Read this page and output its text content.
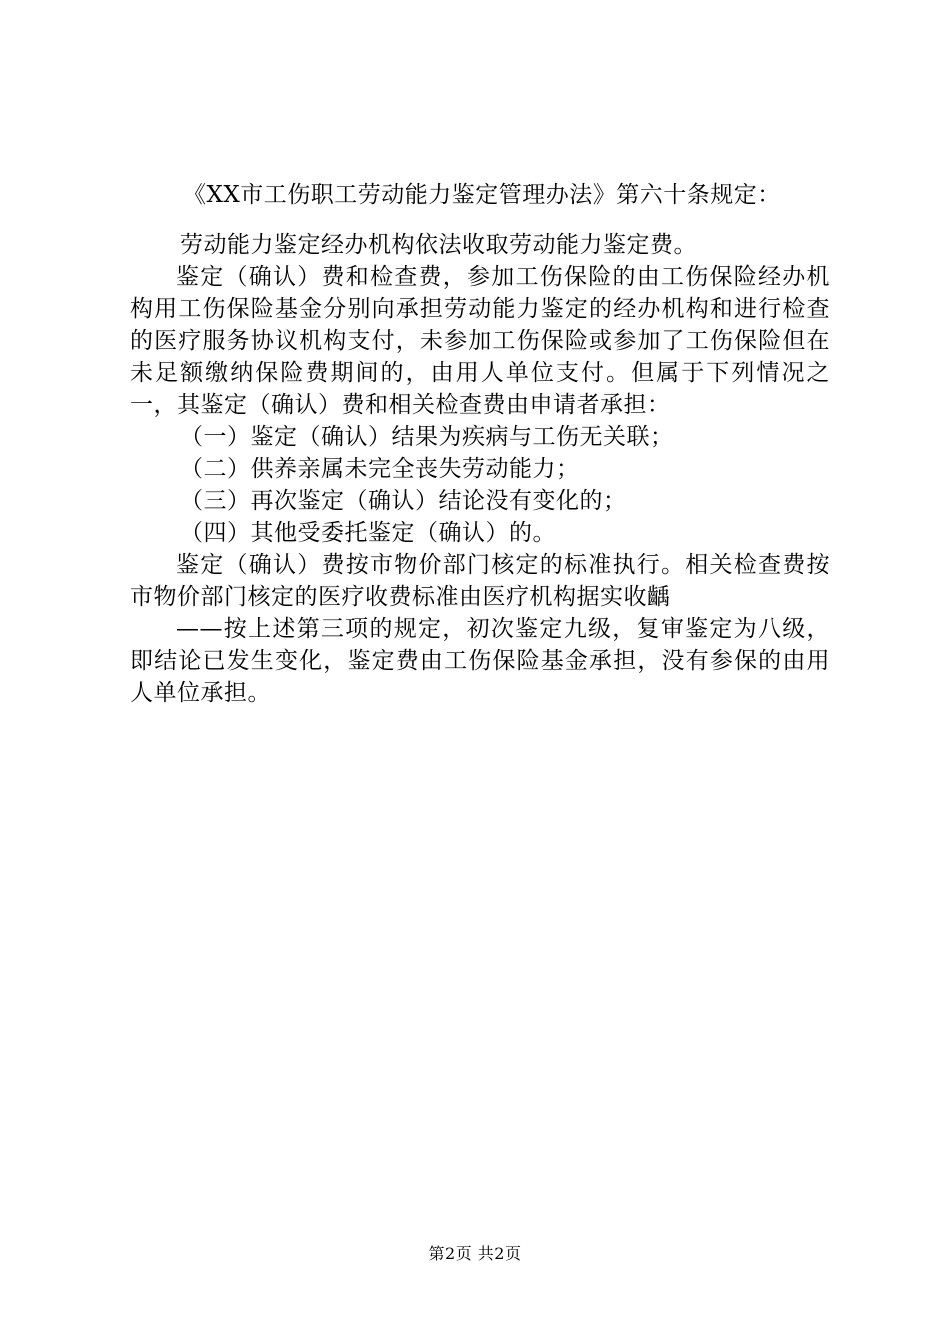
《XX市工伤职工劳动能力鉴定管理办法》第六十条规定：

劳动能力鉴定经办机构依法收取劳动能力鉴定费。

鉴定（确认）费和检查费，参加工伤保险的由工伤保险经办机构用工伤保险基金分别向承担劳动能力鉴定的经办机构和进行检查的医疗服务协议机构支付，未参加工伤保险或参加了工伤保险但在未足额缴纳保险费期间的，由用人单位支付。但属于下列情况之一，其鉴定（确认）费和相关检查费由申请者承担：

（一）鉴定（确认）结果为疾病与工伤无关联；

（二）供养亲属未完全丧失劳动能力；

（三）再次鉴定（确认）结论没有变化的；

（四）其他受委托鉴定（确认）的。

鉴定（确认）费按市物价部门核定的标准执行。相关检查费按市物价部门核定的医疗收费标准由医疗机构据实收齲

——按上述第三项的规定，初次鉴定九级，复审鉴定为八级，即结论已发生变化，鉴定费由工伤保险基金承担，没有参保的由用人单位承担。

第2页 共2页
